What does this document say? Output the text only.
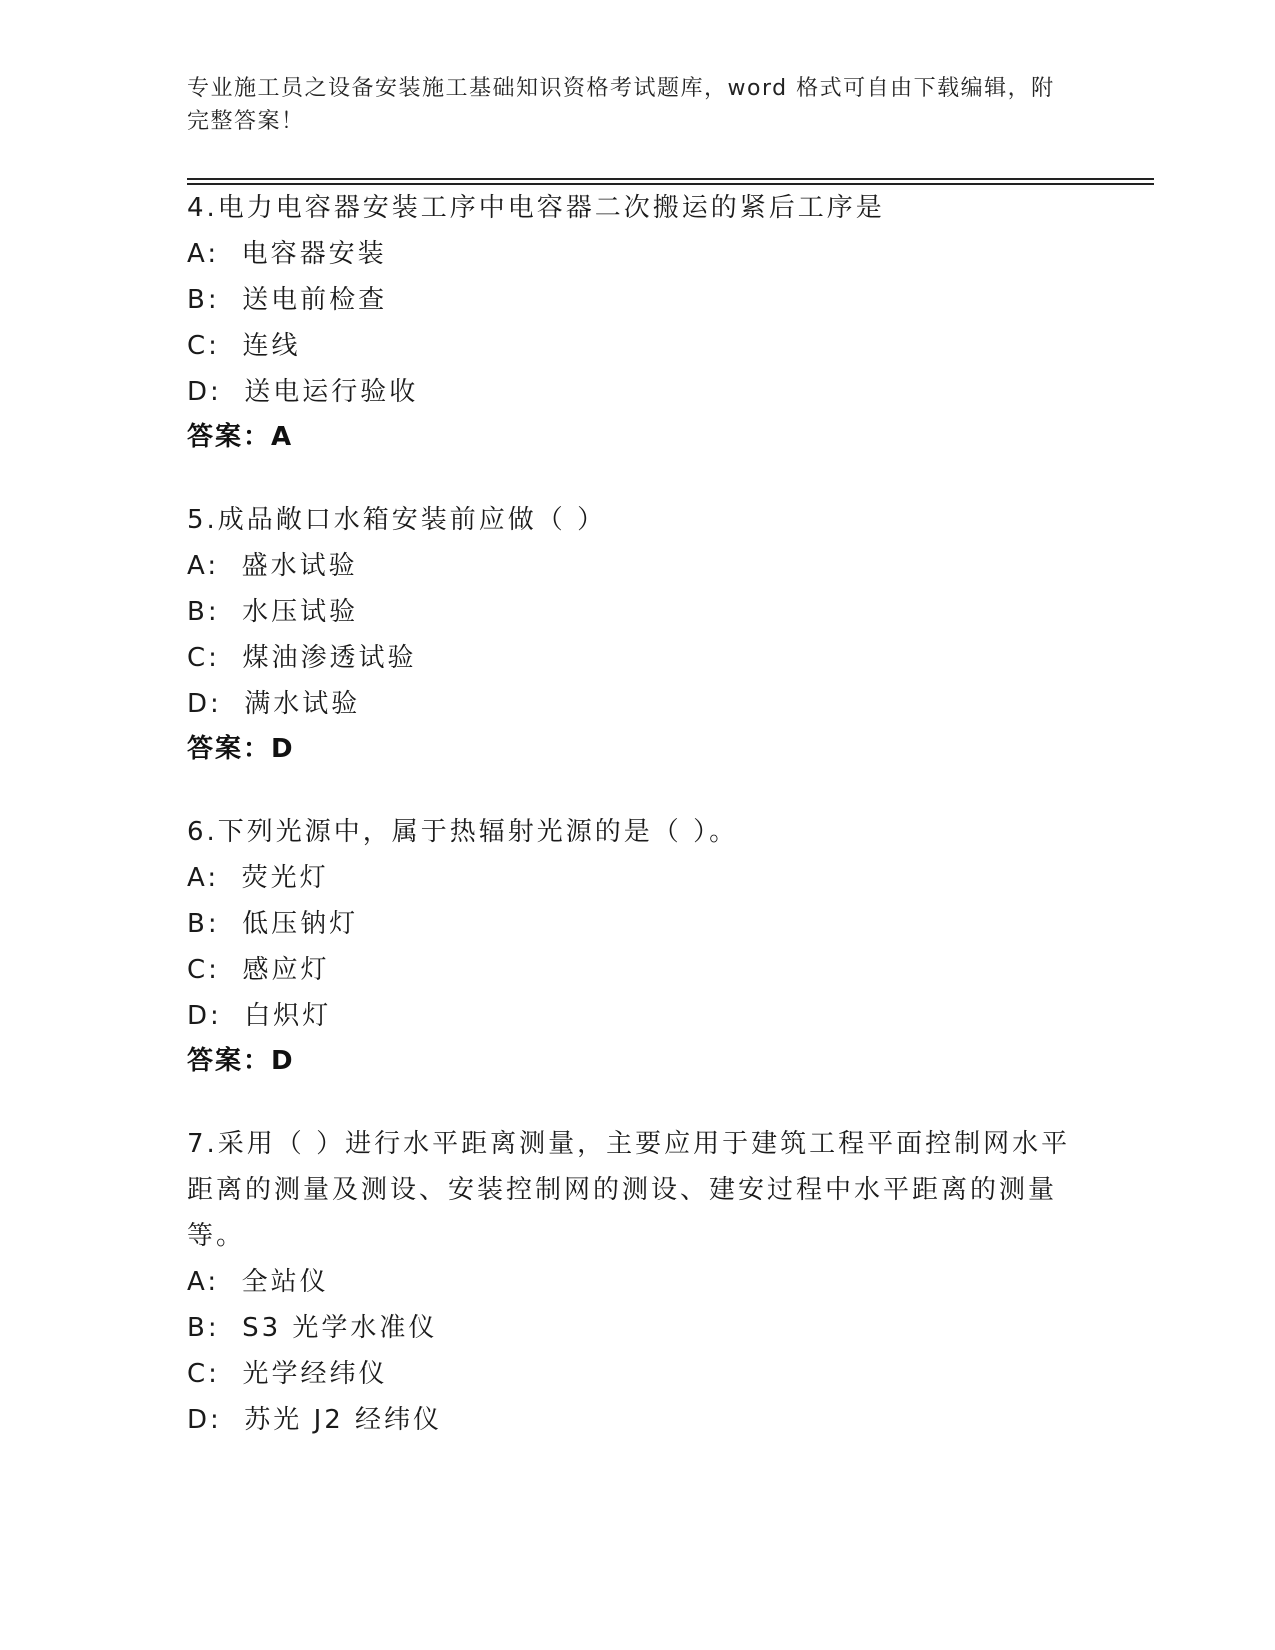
专业施工员之设备安装施工基础知识资格考试题库，word 格式可自由下载编辑，附完整答案！
4.电力电容器安装工序中电容器二次搬运的紧后工序是
A:  电容器安装
B:  送电前检查
C:  连线
D:  送电运行验收
答案：A
5.成品敞口水箱安装前应做（ ）
A:  盛水试验
B:  水压试验
C:  煤油渗透试验
D:  满水试验
答案：D
6.下列光源中，属于热辐射光源的是（ ）。
A:  荧光灯
B:  低压钠灯
C:  感应灯
D:  白炽灯
答案：D
7.采用（ ）进行水平距离测量，主要应用于建筑工程平面控制网水平距离的测量及测设、安装控制网的测设、建安过程中水平距离的测量等。
A:  全站仪
B:  S3 光学水准仪
C:  光学经纬仪
D:  苏光 J2 经纬仪
